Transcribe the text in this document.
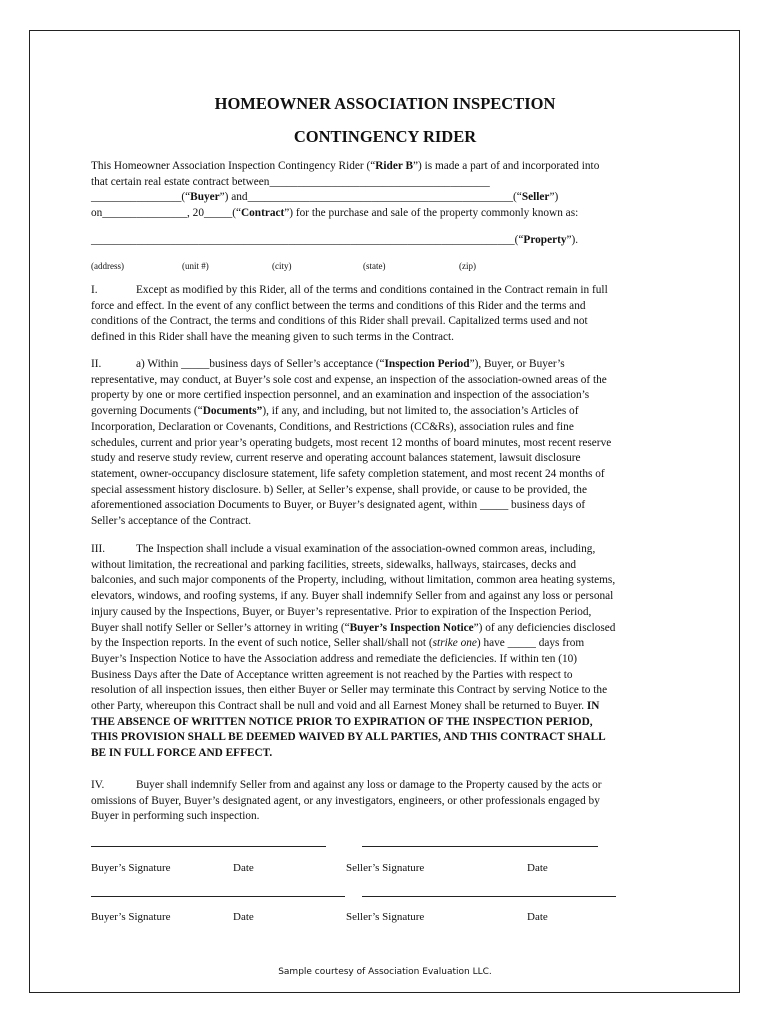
HOMEOWNER ASSOCIATION INSPECTION
CONTINGENCY RIDER
This Homeowner Association Inspection Contingency Rider (“Rider B”) is made a part of and incorporated into
that certain real estate contract between_______________________________________
________________(“Buyer”) and_______________________________________________(“Seller”)
on_______________, 20_____(“Contract”) for the purchase and sale of the property commonly known as:
___________________________________________________________________________(“Property”).
(address)	(unit #)	(city)	(state)	(zip)
I.	Except as modified by this Rider, all of the terms and conditions contained in the Contract remain in full
force and effect. In the event of any conflict between the terms and conditions of this Rider and the terms and
conditions of the Contract, the terms and conditions of this Rider shall prevail. Capitalized terms used and not
defined in this Rider shall have the meaning given to such terms in the Contract.
II.	a) Within _____business days of Seller’s acceptance (“Inspection Period”), Buyer, or Buyer’s
representative, may conduct, at Buyer’s sole cost and expense, an inspection of the association-owned areas of the
property by one or more certified inspection personnel, and an examination and inspection of the association’s
governing Documents (“Documents”), if any, and including, but not limited to, the association’s Articles of
Incorporation, Declaration or Covenants, Conditions, and Restrictions (CC&Rs), association rules and fine
schedules, current and prior year’s operating budgets, most recent 12 months of board minutes, most recent reserve
study and reserve study review, current reserve and operating account balances statement, lawsuit disclosure
statement, owner-occupancy disclosure statement, life safety completion statement, and most recent 24 months of
special assessment history disclosure. b) Seller, at Seller’s expense, shall provide, or cause to be provided, the
aforementioned association Documents to Buyer, or Buyer’s designated agent, within _____ business days of
Seller’s acceptance of the Contract.
III.	The Inspection shall include a visual examination of the association-owned common areas, including,
without limitation, the recreational and parking facilities, streets, sidewalks, hallways, staircases, decks and
balconies, and such major components of the Property, including, without limitation, common area heating systems,
elevators, windows, and roofing systems, if any. Buyer shall indemnify Seller from and against any loss or personal
injury caused by the Inspections, Buyer, or Buyer’s representative. Prior to expiration of the Inspection Period,
Buyer shall notify Seller or Seller’s attorney in writing (“Buyer’s Inspection Notice”) of any deficiencies disclosed
by the Inspection reports. In the event of such notice, Seller shall/shall not (strike one) have _____ days from
Buyer’s Inspection Notice to have the Association address and remediate the deficiencies. If within ten (10)
Business Days after the Date of Acceptance written agreement is not reached by the Parties with respect to
resolution of all inspection issues, then either Buyer or Seller may terminate this Contract by serving Notice to the
other Party, whereupon this Contract shall be null and void and all Earnest Money shall be returned to Buyer. IN
THE ABSENCE OF WRITTEN NOTICE PRIOR TO EXPIRATION OF THE INSPECTION PERIOD,
THIS PROVISION SHALL BE DEEMED WAIVED BY ALL PARTIES, AND THIS CONTRACT SHALL
BE IN FULL FORCE AND EFFECT.
IV.	Buyer shall indemnify Seller from and against any loss or damage to the Property caused by the acts or
omissions of Buyer, Buyer’s designated agent, or any investigators, engineers, or other professionals engaged by
Buyer in performing such inspection.
Buyer’s Signature	Date	Seller’s Signature	Date
Buyer’s Signature	Date	Seller’s Signature	Date
Sample courtesy of Association Evaluation LLC.
